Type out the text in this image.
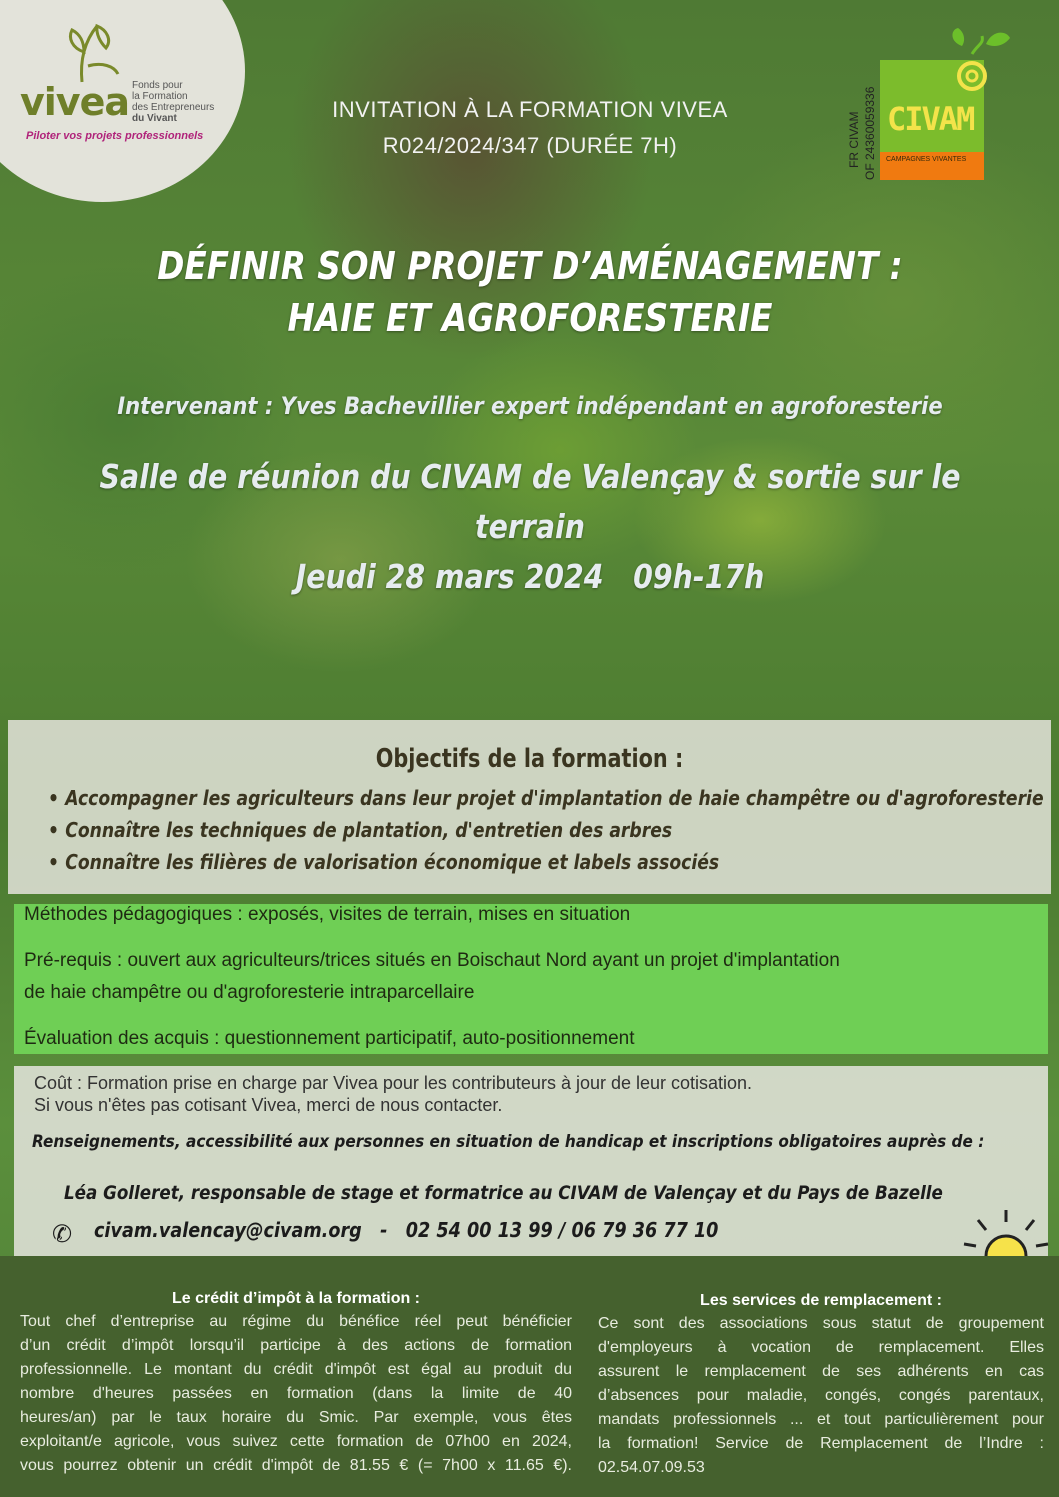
vivea Fonds pour
la Formation
des Entrepreneurs
du Vivant
Piloter vos projets professionnels
INVITATION À LA FORMATION VIVEA
R024/2024/347 (DURÉE 7H)	FR CIVAM OF 24360059336 CIVAM
CAMPAGNES VIVANTES
DÉFINIR SON PROJET D’AMÉNAGEMENT :
HAIE ET AGROFORESTERIE
Intervenant : Yves Bachevillier expert indépendant en agroforesterie
Salle de réunion du CIVAM de Valençay & sortie sur le terrain
Jeudi 28 mars 2024   09h-17h
Objectifs de la formation :
• Accompagner les agriculteurs dans leur projet d'implantation de haie champêtre ou d'agroforesterie
• Connaître les techniques de plantation, d'entretien des arbres
• Connaître les filières de valorisation économique et labels associés
Méthodes pédagogiques : exposés, visites de terrain, mises en situation
Pré-requis : ouvert aux agriculteurs/trices situés en Boischaut Nord ayant un projet d'implantation
de haie champêtre ou d'agroforesterie intraparcellaire
Évaluation des acquis : questionnement participatif, auto-positionnement
Coût : Formation prise en charge par Vivea pour les contributeurs à jour de leur cotisation.
Si vous n'êtes pas cotisant Vivea, merci de nous contacter.
Renseignements, accessibilité aux personnes en situation de handicap et inscriptions obligatoires auprès de :
Léa Golleret, responsable de stage et formatrice au CIVAM de Valençay et du Pays de Bazelle
✆ civam.valencay@civam.org   -   02 54 00 13 99 / 06 79 36 77 10
Le crédit d’impôt à la formation :
Tout chef d’entreprise au régime du bénéfice réel peut bénéficier
d’un crédit d’impôt lorsqu’il participe à des actions de formation
professionnelle. Le montant du crédit d'impôt est égal au produit du
nombre d'heures passées en formation (dans la limite de 40
heures/an) par le taux horaire du Smic. Par exemple, vous êtes
exploitant/e agricole, vous suivez cette formation de 07h00 en 2024,
vous pourrez obtenir un crédit d'impôt de 81.55 € (= 7h00 x 11.65 €).
Les services de remplacement :
Ce sont des associations sous statut de groupement
d'employeurs à vocation de remplacement. Elles
assurent le remplacement de ses adhérents en cas
d’absences pour maladie, congés, congés parentaux,
mandats professionnels ... et tout particulièrement pour
la formation! Service de Remplacement de l’Indre :
02.54.07.09.53
